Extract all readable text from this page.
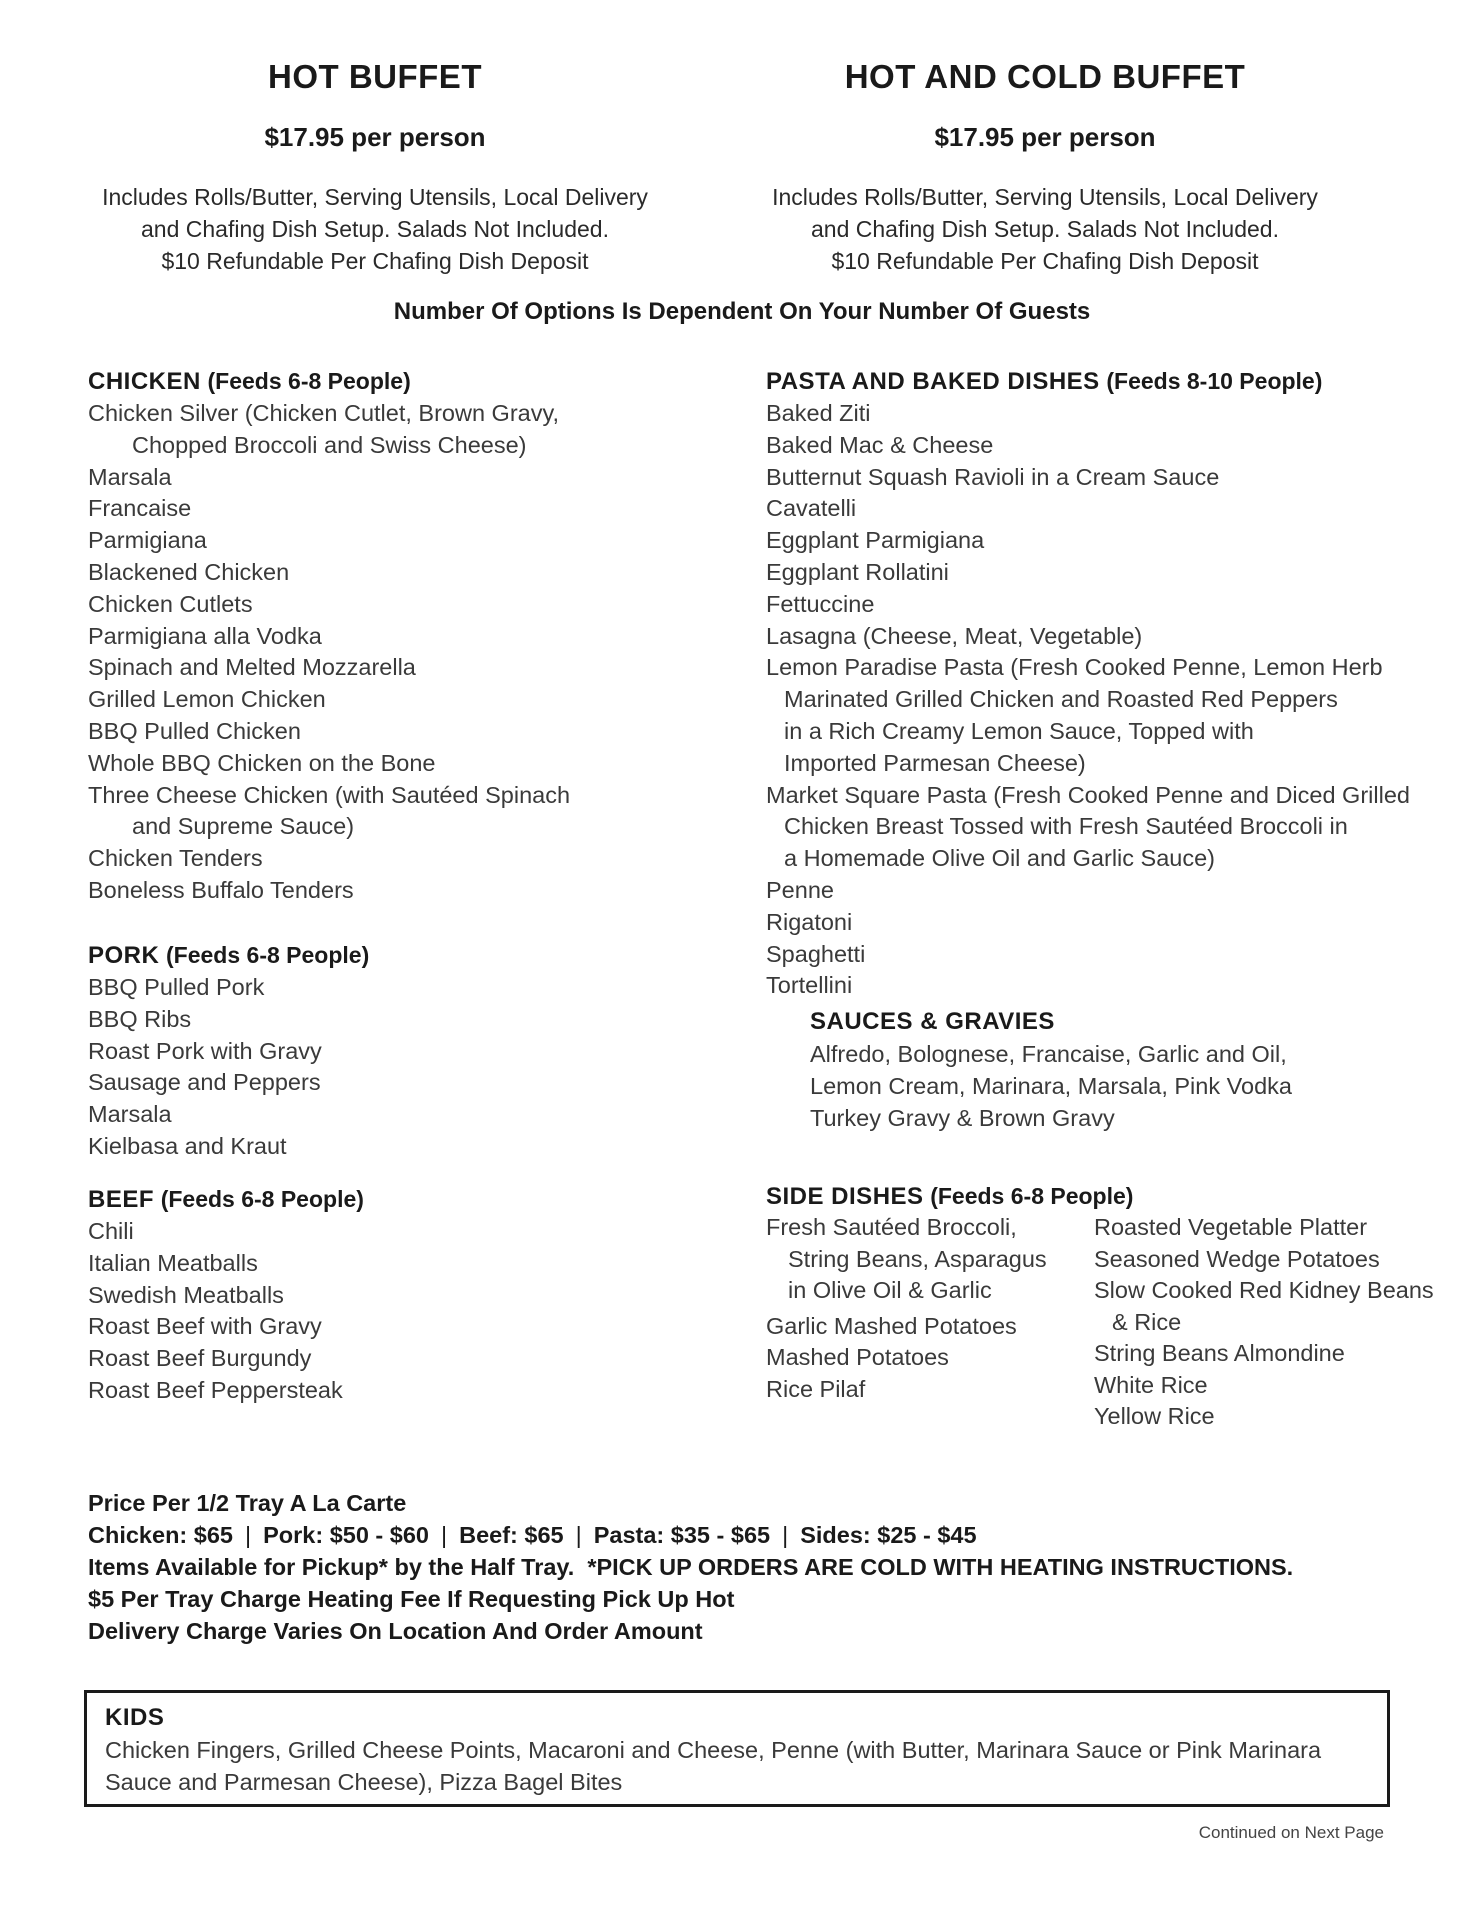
HOT BUFFET
$17.95 per person
Includes Rolls/Butter, Serving Utensils, Local Delivery
and Chafing Dish Setup. Salads Not Included.
$10 Refundable Per Chafing Dish Deposit
HOT AND COLD BUFFET
$17.95 per person
Includes Rolls/Butter, Serving Utensils, Local Delivery
and Chafing Dish Setup. Salads Not Included.
$10 Refundable Per Chafing Dish Deposit
Number Of Options Is Dependent On Your Number Of Guests
CHICKEN (Feeds 6-8 People)
Chicken Silver (Chicken Cutlet, Brown Gravy,
Chopped Broccoli and Swiss Cheese)
Marsala
Francaise
Parmigiana
Blackened Chicken
Chicken Cutlets
Parmigiana alla Vodka
Spinach and Melted Mozzarella
Grilled Lemon Chicken
BBQ Pulled Chicken
Whole BBQ Chicken on the Bone
Three Cheese Chicken (with Sautéed Spinach
and Supreme Sauce)
Chicken Tenders
Boneless Buffalo Tenders
PORK (Feeds 6-8 People)
BBQ Pulled Pork
BBQ Ribs
Roast Pork with Gravy
Sausage and Peppers
Marsala
Kielbasa and Kraut
BEEF (Feeds 6-8 People)
Chili
Italian Meatballs
Swedish Meatballs
Roast Beef with Gravy
Roast Beef Burgundy
Roast Beef Peppersteak
PASTA AND BAKED DISHES (Feeds 8-10 People)
Baked Ziti
Baked Mac & Cheese
Butternut Squash Ravioli in a Cream Sauce
Cavatelli
Eggplant Parmigiana
Eggplant Rollatini
Fettuccine
Lasagna (Cheese, Meat, Vegetable)
Lemon Paradise Pasta (Fresh Cooked Penne, Lemon Herb
Marinated Grilled Chicken and Roasted Red Peppers
in a Rich Creamy Lemon Sauce, Topped with
Imported Parmesan Cheese)
Market Square Pasta (Fresh Cooked Penne and Diced Grilled
Chicken Breast Tossed with Fresh Sautéed Broccoli in
a Homemade Olive Oil and Garlic Sauce)
Penne
Rigatoni
Spaghetti
Tortellini
SAUCES & GRAVIES
Alfredo, Bolognese, Francaise, Garlic and Oil,
Lemon Cream, Marinara, Marsala, Pink Vodka
Turkey Gravy & Brown Gravy
SIDE DISHES (Feeds 6-8 People)
Fresh Sautéed Broccoli,
String Beans, Asparagus
in Olive Oil & Garlic
Garlic Mashed Potatoes
Mashed Potatoes
Rice Pilaf
Roasted Vegetable Platter
Seasoned Wedge Potatoes
Slow Cooked Red Kidney Beans
& Rice
String Beans Almondine
White Rice
Yellow Rice
Price Per 1/2 Tray A La Carte
Chicken: $65 | Pork: $50 - $60 | Beef: $65 | Pasta: $35 - $65 | Sides: $25 - $45
Items Available for Pickup* by the Half Tray.  *PICK UP ORDERS ARE COLD WITH HEATING INSTRUCTIONS.
$5 Per Tray Charge Heating Fee If Requesting Pick Up Hot
Delivery Charge Varies On Location And Order Amount
KIDS
Chicken Fingers, Grilled Cheese Points, Macaroni and Cheese, Penne (with Butter, Marinara Sauce or Pink Marinara
Sauce and Parmesan Cheese), Pizza Bagel Bites
Continued on Next Page
